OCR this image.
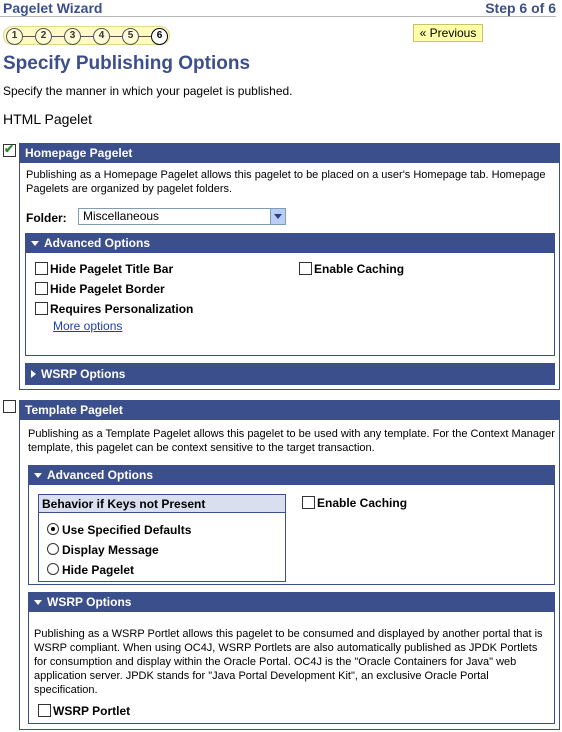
Pagelet Wizard	Step 6 of 6
1	2	3	4	5	6	« Previous
Specify Publishing Options
Specify the manner in which your pagelet is published.
HTML Pagelet
✔
Homepage Pagelet
Publishing as a Homepage Pagelet allows this pagelet to be placed on a user's Homepage tab. Homepage Pagelets are organized by pagelet folders.
Folder:
Advanced Options
Hide Pagelet Title Bar
Hide Pagelet Border
Requires Personalization
More options
Enable Caching
WSRP Options
Miscellaneous
Template Pagelet
Publishing as a Template Pagelet allows this pagelet to be used with any template. For the Context Manager template, this pagelet can be context sensitive to the target transaction.
Advanced Options
Behavior if Keys not Present
Use Specified Defaults
Display Message
Hide Pagelet
Enable Caching
WSRP Options
Publishing as a WSRP Portlet allows this pagelet to be consumed and displayed by another portal that is WSRP compliant. When using OC4J, WSRP Portlets are also automatically published as JPDK Portlets for consumption and display within the Oracle Portal. OC4J is the "Oracle Containers for Java" web application server. JPDK stands for "Java Portal Development Kit", an exclusive Oracle Portal specification.
WSRP Portlet
